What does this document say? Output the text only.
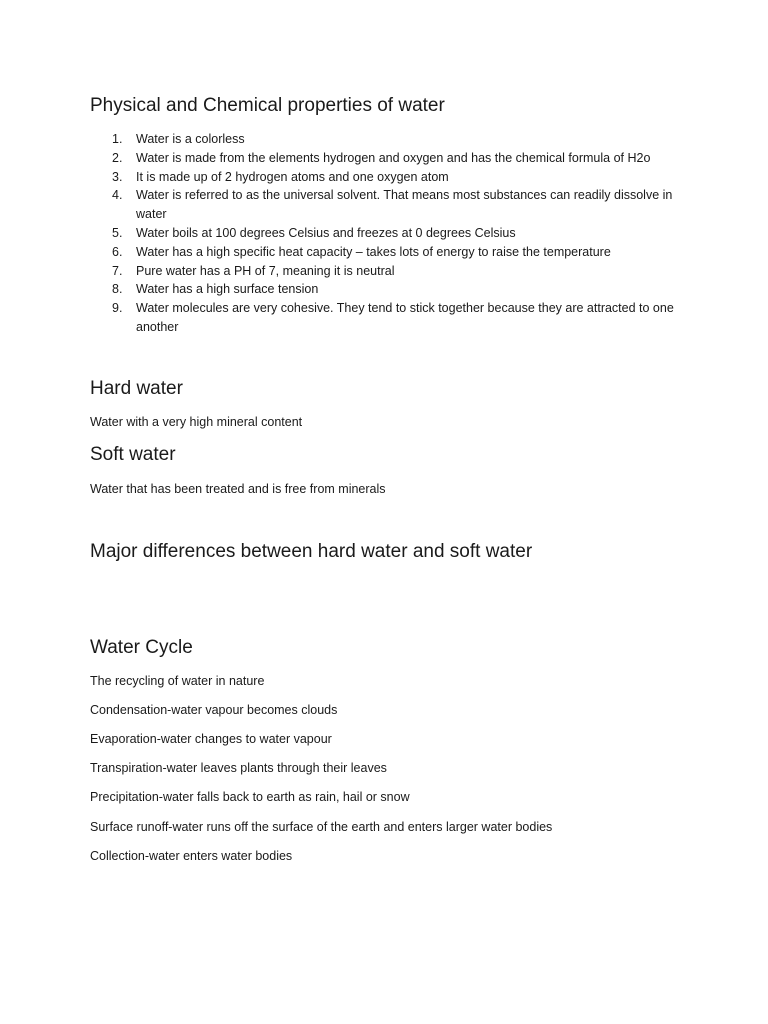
Physical and Chemical properties of water
1. Water is a colorless
2. Water is made from the elements hydrogen and oxygen and has the chemical formula of H2o
3. It is made up of 2 hydrogen atoms and one oxygen atom
4. Water is referred to as the universal solvent. That means most substances can readily dissolve in water
5. Water boils at 100 degrees Celsius and freezes at 0 degrees Celsius
6. Water has a high specific heat capacity – takes lots of energy to raise the temperature
7. Pure water has a PH of 7, meaning it is neutral
8. Water has a high surface tension
9. Water molecules are very cohesive. They tend to stick together because they are attracted to one another
Hard water

Water with a very high mineral content

Soft water

Water that has been treated and is free from minerals

Major differences between hard water and soft water
Water Cycle

The recycling of water in nature

Condensation-water vapour becomes clouds

Evaporation-water changes to water vapour

Transpiration-water leaves plants through their leaves

Precipitation-water falls back to earth as rain, hail or snow

Surface runoff-water runs off the surface of the earth and enters larger water bodies

Collection-water enters water bodies
